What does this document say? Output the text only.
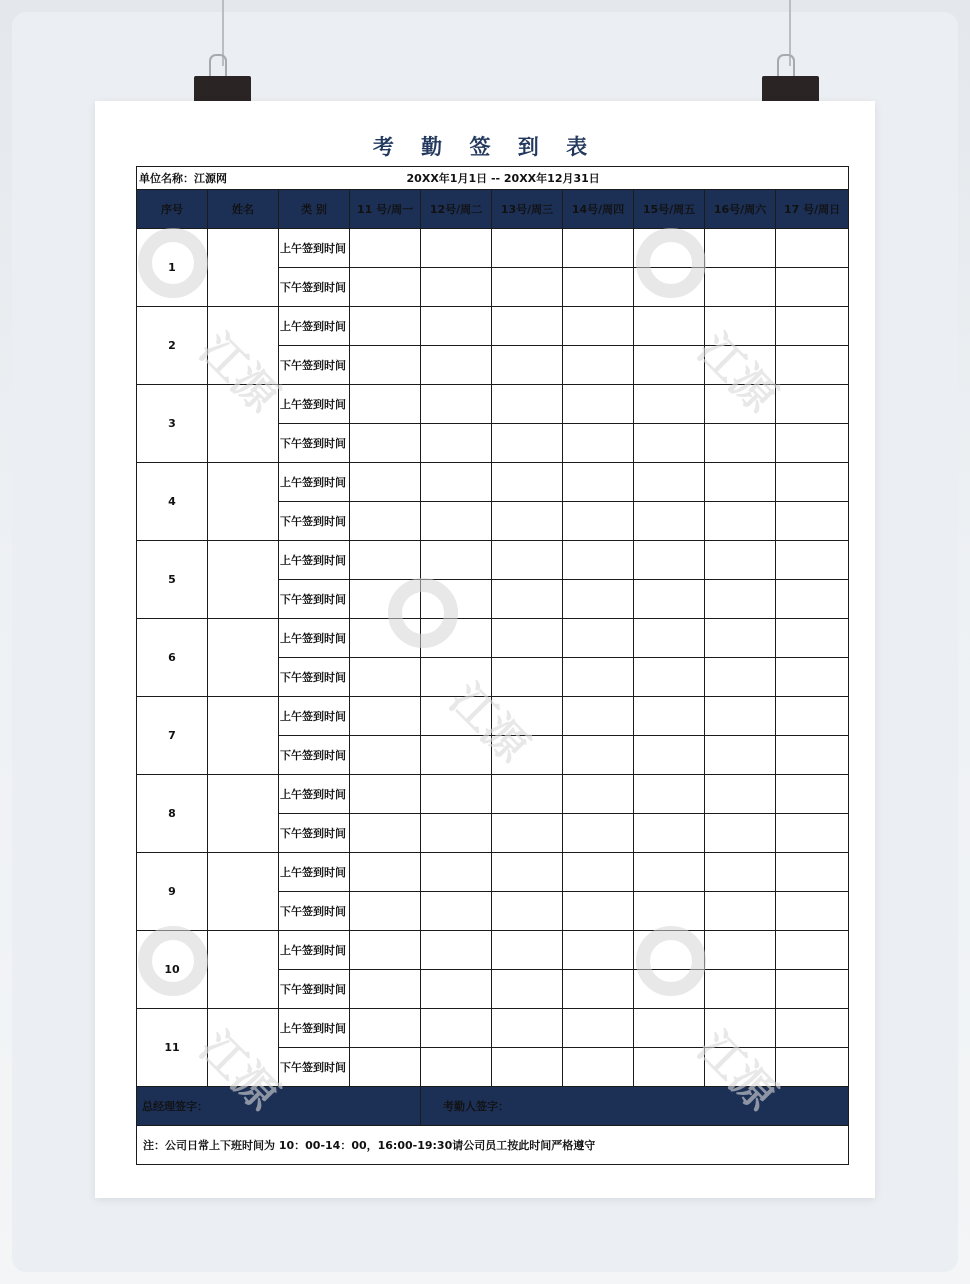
考 勤 签 到 表
单位名称：江源网			20XX年1月1日 -- 20XX年12月31日						
序号	姓名	类 别	11 号/周一	12号/周二	13号/周三	14号/周四	15号/周五	16号/周六	17 号/周日
1		上午签到时间							
		下午签到时间							
2		上午签到时间							
		下午签到时间							
3		上午签到时间							
		下午签到时间							
4		上午签到时间							
		下午签到时间							
5		上午签到时间							
		下午签到时间							
6		上午签到时间							
		下午签到时间							
7		上午签到时间							
		下午签到时间							
8		上午签到时间							
		下午签到时间							
9		上午签到时间							
		下午签到时间							
10		上午签到时间							
		下午签到时间							
11		上午签到时间							
		下午签到时间							
总经理签字：				考勤人签字：					
注：公司日常上下班时间为 10：00-14：00，16:00-19:30请公司员工按此时间严格遵守									
江源	江源
江源
江源	江源
